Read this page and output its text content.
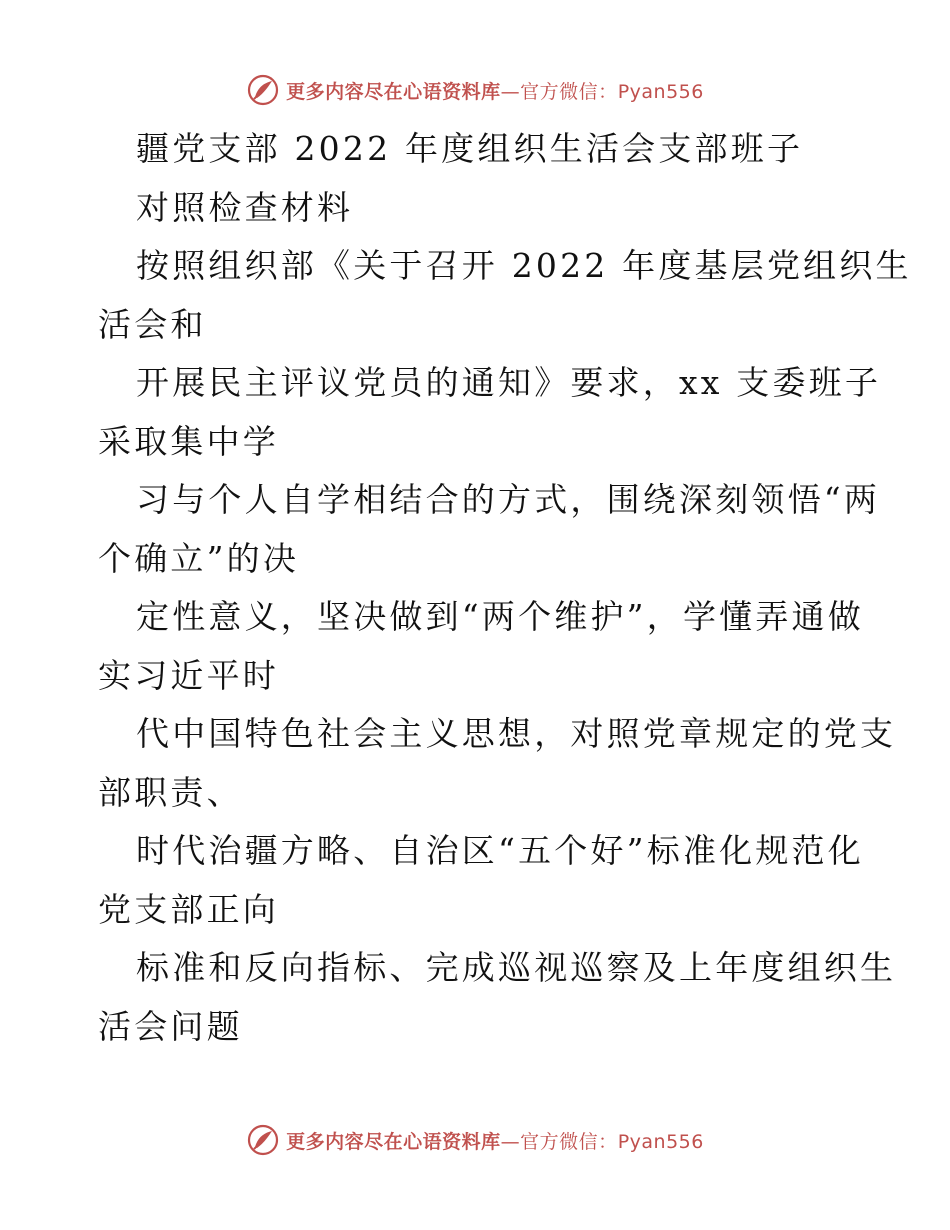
更多内容尽在心语资料库—官方微信：Pyan556
疆党支部 2022 年度组织生活会支部班子
对照检查材料
按照组织部《关于召开 2022 年度基层党组织生
活会和
开展民主评议党员的通知》要求，xx 支委班子
采取集中学
习与个人自学相结合的方式，围绕深刻领悟“两
个确立”的决
定性意义，坚决做到“两个维护”，学懂弄通做
实习近平时
代中国特色社会主义思想，对照党章规定的党支
部职责、
时代治疆方略、自治区“五个好”标准化规范化
党支部正向
标准和反向指标、完成巡视巡察及上年度组织生
活会问题
更多内容尽在心语资料库—官方微信：Pyan556
